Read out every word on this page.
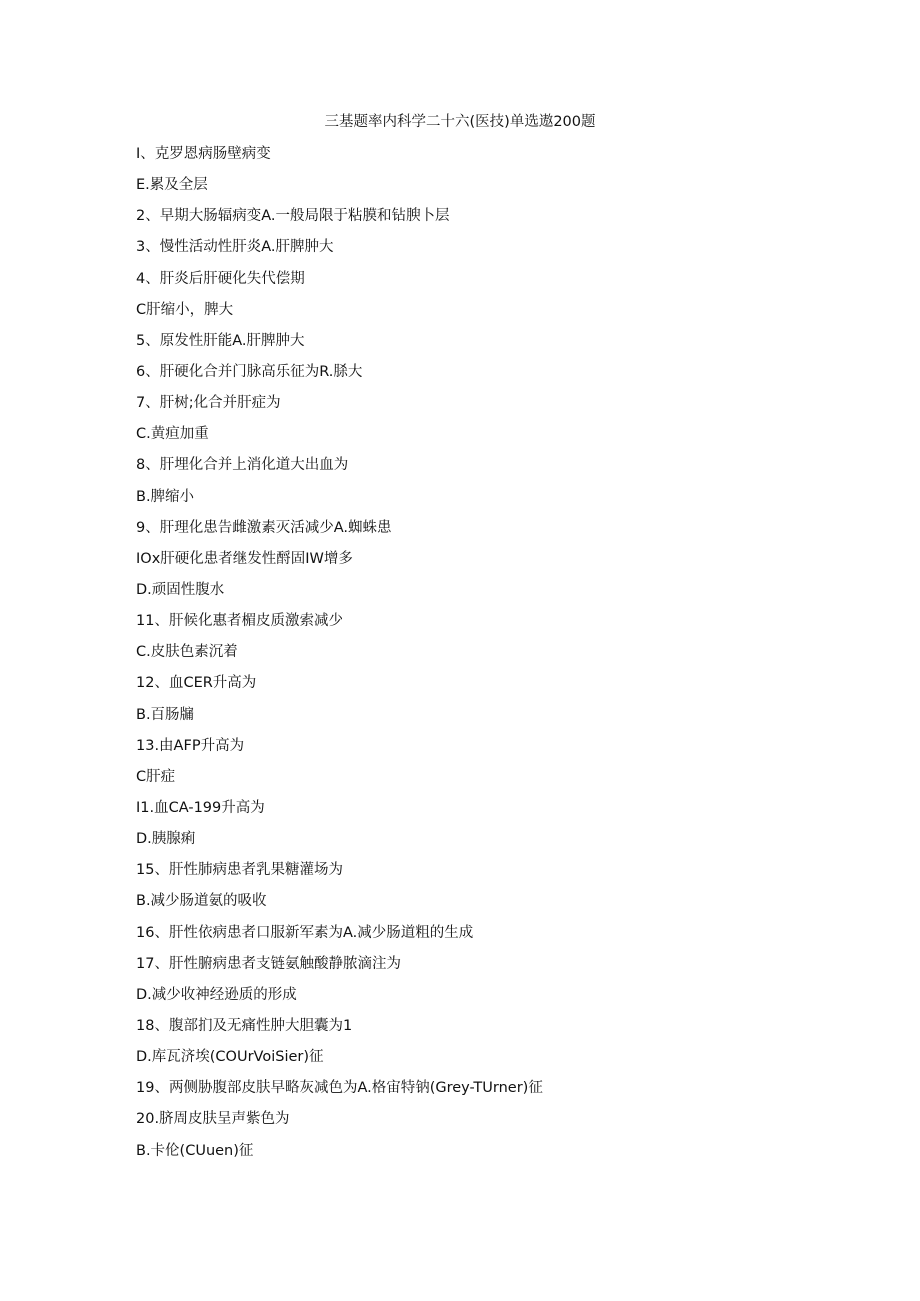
三基题率内科学二十六(医技)单选遨200题
I、克罗恩病肠壁病变
E.累及全层
2、早期大肠辐病变A.一般局限于粘膜和钻腴卜层
3、慢性活动性肝炎A.肝脾肿大
4、肝炎后肝硬化失代偿期
C肝缩小，脾大
5、原发性肝能A.肝脾肿大
6、肝硬化合并门脉高乐征为R.脎大
7、肝树;化合并肝症为
C.黄疸加重
8、肝埋化合并上消化道大出血为
B.脾缩小
9、肝理化患告雌激素灭活减少A.蜘蛛患
IOx肝硬化患者继发性酹固IW增多
D.顽固性腹水
11、肝候化惠者楣皮质激索减少
C.皮肤色素沉着
12、血CER升高为
B.百肠牖
13.由AFP升高为
C肝症
I1.血CA-199升高为
D.胰腺痢
15、肝性肺病患者乳果糖灌场为
B.减少肠道氨的吸收
16、肝性依病患者口服新军素为A.减少肠道粗的生成
17、肝性腑病患者支链氨触酸静脓滴注为
D.减少收神经逊质的形成
18、腹部扪及无痛性肿大胆囊为1
D.库瓦济埃(COUrVoiSier)征
19、两侧胁腹部皮肤早略灰减色为A.格宙特钠(Grey-TUrner)征
20.脐周皮肤呈声紫色为
B.卡伦(CUuen)征
